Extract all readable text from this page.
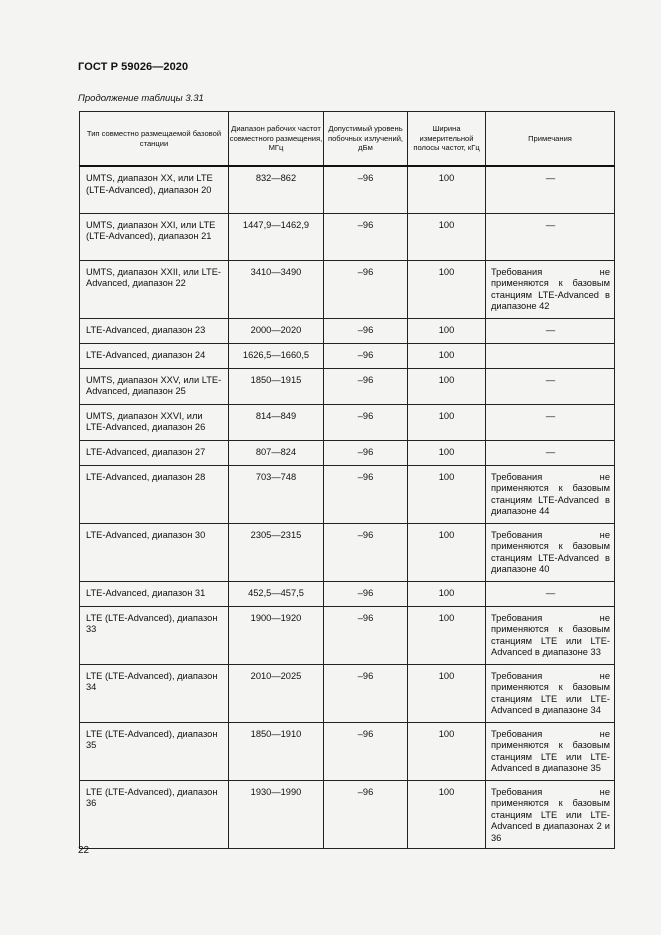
ГОСТ Р 59026—2020
Продолжение таблицы 3.31
Тип совместно размещаемой базовой станции	Диапазон рабочих частот совместного размещения, МГц	Допустимый уровень побочных излучений, дБм	Ширина измерительной полосы частот, кГц	Примечания
UMTS, диапазон XX, или LTE (LTE-Advanced), диапазон 20	832—862	–96	100	—

UMTS, диапазон XXI, или LTE (LTE-Advanced), диапазон 21	1447,9—1462,9	–96	100	—

UMTS, диапазон XXII, или LTE-Advanced, диапазон 22	3410—3490	–96	100	Требования не применяются к базовым станциям LTE-Advanced в диапазоне 42
LTE-Advanced, диапазон 23	2000—2020	–96	100	—

LTE-Advanced, диапазон 24	1626,5—1660,5	–96	100	
UMTS, диапазон XXV, или LTE-Advanced, диапазон 25	1850—1915	–96	100	—

UMTS, диапазон XXVI, или LTE-Advanced, диапазон 26	814—849	–96	100	—

LTE-Advanced, диапазон 27	807—824	–96	100	—

LTE-Advanced, диапазон 28	703—748	–96	100	Требования не применяются к базовым станциям LTE-Advanced в диапазоне 44
LTE-Advanced, диапазон 30	2305—2315	–96	100	Требования не применяются к базовым станциям LTE-Advanced в диапазоне 40
LTE-Advanced, диапазон 31	452,5—457,5	–96	100	—

LTE (LTE-Advanced), диапазон 33	1900—1920	–96	100	Требования не применяются к базовым станциям LTE или LTE-Advanced в диапазоне 33
LTE (LTE-Advanced), диапазон 34	2010—2025	–96	100	Требования не применяются к базовым станциям LTE или LTE-Advanced в диапазоне 34
LTE (LTE-Advanced), диапазон 35	1850—1910	–96	100	Требования не применяются к базовым станциям LTE или LTE-Advanced в диапазоне 35
LTE (LTE-Advanced), диапазон 36	1930—1990	–96	100	Требования не применяются к базовым станциям LTE или LTE-Advanced в диапазонах 2 и 36
22
